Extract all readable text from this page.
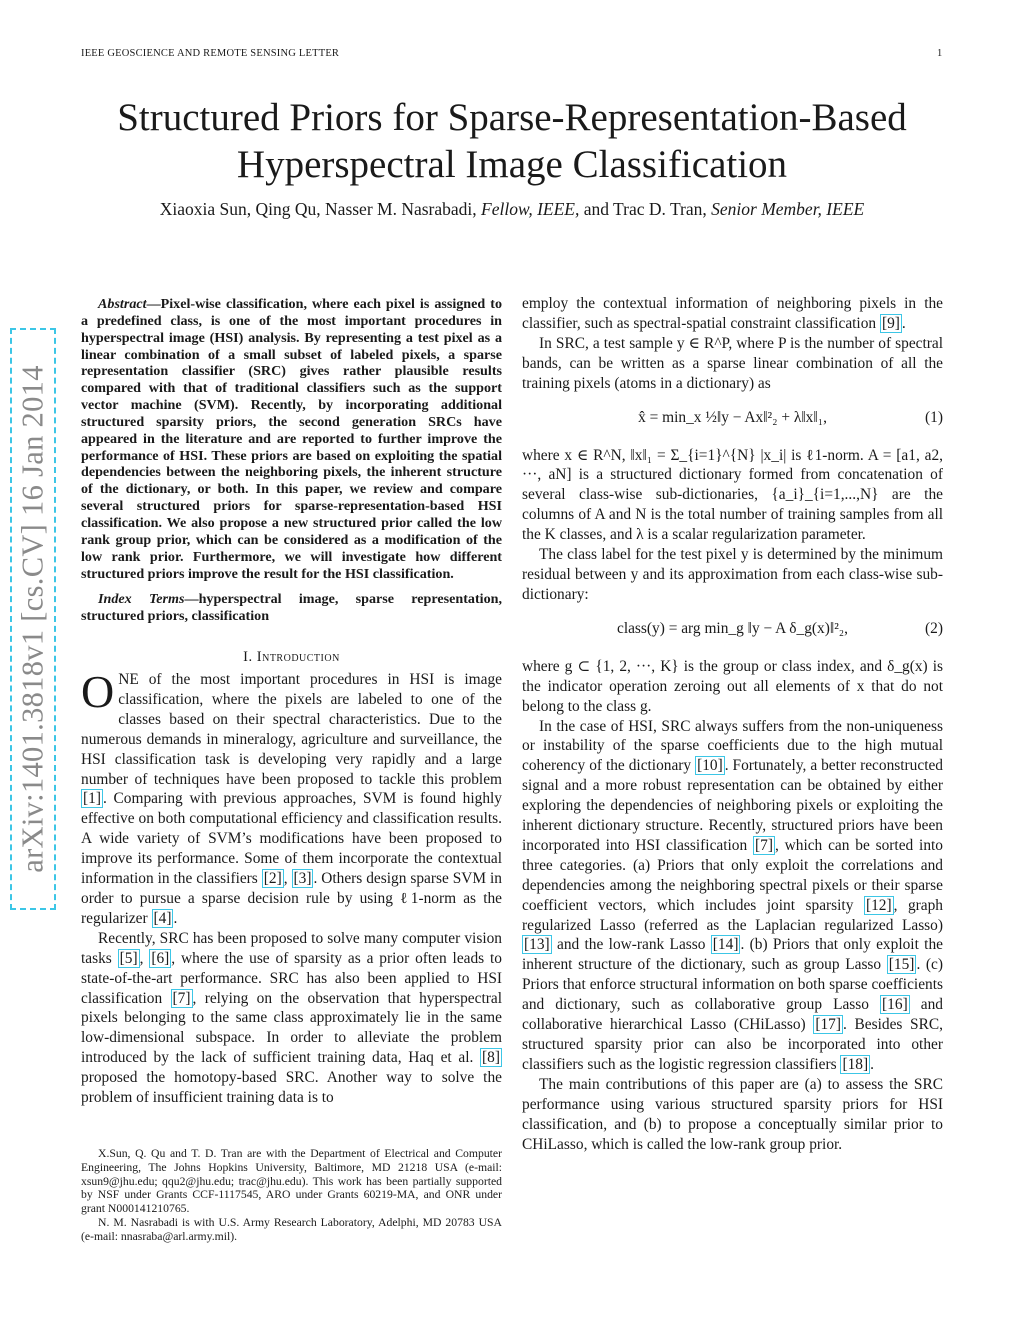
IEEE GEOSCIENCE AND REMOTE SENSING LETTER	1
Structured Priors for Sparse-Representation-Based
Hyperspectral Image Classification
Xiaoxia Sun, Qing Qu, Nasser M. Nasrabadi, Fellow, IEEE, and Trac D. Tran, Senior Member, IEEE
arXiv:1401.3818v1 [cs.CV] 16 Jan 2014

Abstract—Pixel-wise classification, where each pixel is assigned to a predefined class, is one of the most important procedures in hyperspectral image (HSI) analysis. By representing a test pixel as a linear combination of a small subset of labeled pixels, a sparse representation classifier (SRC) gives rather plausible results compared with that of traditional classifiers such as the support vector machine (SVM). Recently, by incorporating additional structured sparsity priors, the second generation SRCs have appeared in the literature and are reported to further improve the performance of HSI. These priors are based on exploiting the spatial dependencies between the neighboring pixels, the inherent structure of the dictionary, or both. In this paper, we review and compare several structured priors for sparse-representation-based HSI classification. We also propose a new structured prior called the low rank group prior, which can be considered as a modification of the low rank prior. Furthermore, we will investigate how different structured priors improve the result for the HSI classification.

Index Terms—hyperspectral image, sparse representation, structured priors, classification

I. Introduction

ONE of the most important procedures in HSI is image classification, where the pixels are labeled to one of the classes based on their spectral characteristics. Due to the numerous demands in mineralogy, agriculture and surveillance, the HSI classification task is developing very rapidly and a large number of techniques have been proposed to tackle this problem [1] . Comparing with previous approaches, SVM is found highly effective on both computational efficiency and classification results. A wide variety of SVM’s modifications have been proposed to improve its performance. Some of them incorporate the contextual information in the classifiers [2] , [3] . Others design sparse SVM in order to pursue a sparse decision rule by using ℓ1-norm as the regularizer [4] .

Recently, SRC has been proposed to solve many computer vision tasks [5] , [6] , where the use of sparsity as a prior often leads to state-of-the-art performance. SRC has also been applied to HSI classification [7] , relying on the observation that hyperspectral pixels belonging to the same class approximately lie in the same low-dimensional subspace. In order to alleviate the problem introduced by the lack of sufficient training data, Haq et al. [8] proposed the homotopy-based SRC. Another way to solve the problem of insufficient training data is to

X.Sun, Q. Qu and T. D. Tran are with the Department of Electrical and Computer Engineering, The Johns Hopkins University, Baltimore, MD 21218 USA (e-mail: xsun9@jhu.edu; qqu2@jhu.edu; trac@jhu.edu). This work has been partially supported by NSF under Grants CCF-1117545, ARO under Grants 60219-MA, and ONR under grant N000141210765.

N. M. Nasrabadi is with U.S. Army Research Laboratory, Adelphi, MD 20783 USA (e-mail: nnasraba@arl.army.mil).

employ the contextual information of neighboring pixels in the classifier, such as spectral-spatial constraint classification [9] .

In SRC, a test sample y ∈ R^P, where P is the number of spectral bands, can be written as a sparse linear combination of all the training pixels (atoms in a dictionary) as

x̂ = min_x ½‖y − Ax‖²₂ + λ‖x‖₁,	(1)

where x ∈ R^N, ‖x‖₁ = Σ_{i=1}^{N} |x_i| is ℓ1-norm. A = [a1, a2, ···, aN] is a structured dictionary formed from concatenation of several class-wise sub-dictionaries, {a_i}_{i=1,...,N} are the columns of A and N is the total number of training samples from all the K classes, and λ is a scalar regularization parameter.

The class label for the test pixel y is determined by the minimum residual between y and its approximation from each class-wise sub-dictionary:

class(y) = arg min_g ‖y − A δ_g(x)‖²₂,	(2)

where g ⊂ {1, 2, ···, K} is the group or class index, and δ_g(x) is the indicator operation zeroing out all elements of x that do not belong to the class g.

In the case of HSI, SRC always suffers from the non-uniqueness or instability of the sparse coefficients due to the high mutual coherency of the dictionary [10] . Fortunately, a better reconstructed signal and a more robust representation can be obtained by either exploring the dependencies of neighboring pixels or exploiting the inherent dictionary structure. Recently, structured priors have been incorporated into HSI classification [7] , which can be sorted into three categories. (a) Priors that only exploit the correlations and dependencies among the neighboring spectral pixels or their sparse coefficient vectors, which includes joint sparsity [12] , graph regularized Lasso (referred as the Laplacian regularized Lasso) [13] and the low-rank Lasso [14] . (b) Priors that only exploit the inherent structure of the dictionary, such as group Lasso [15] . (c) Priors that enforce structural information on both sparse coefficients and dictionary, such as collaborative group Lasso [16] and collaborative hierarchical Lasso (CHiLasso) [17] . Besides SRC, structured sparsity prior can also be incorporated into other classifiers such as the logistic regression classifiers [18] .

The main contributions of this paper are (a) to assess the SRC performance using various structured sparsity priors for HSI classification, and (b) to propose a conceptually similar prior to CHiLasso, which is called the low-rank group prior.
